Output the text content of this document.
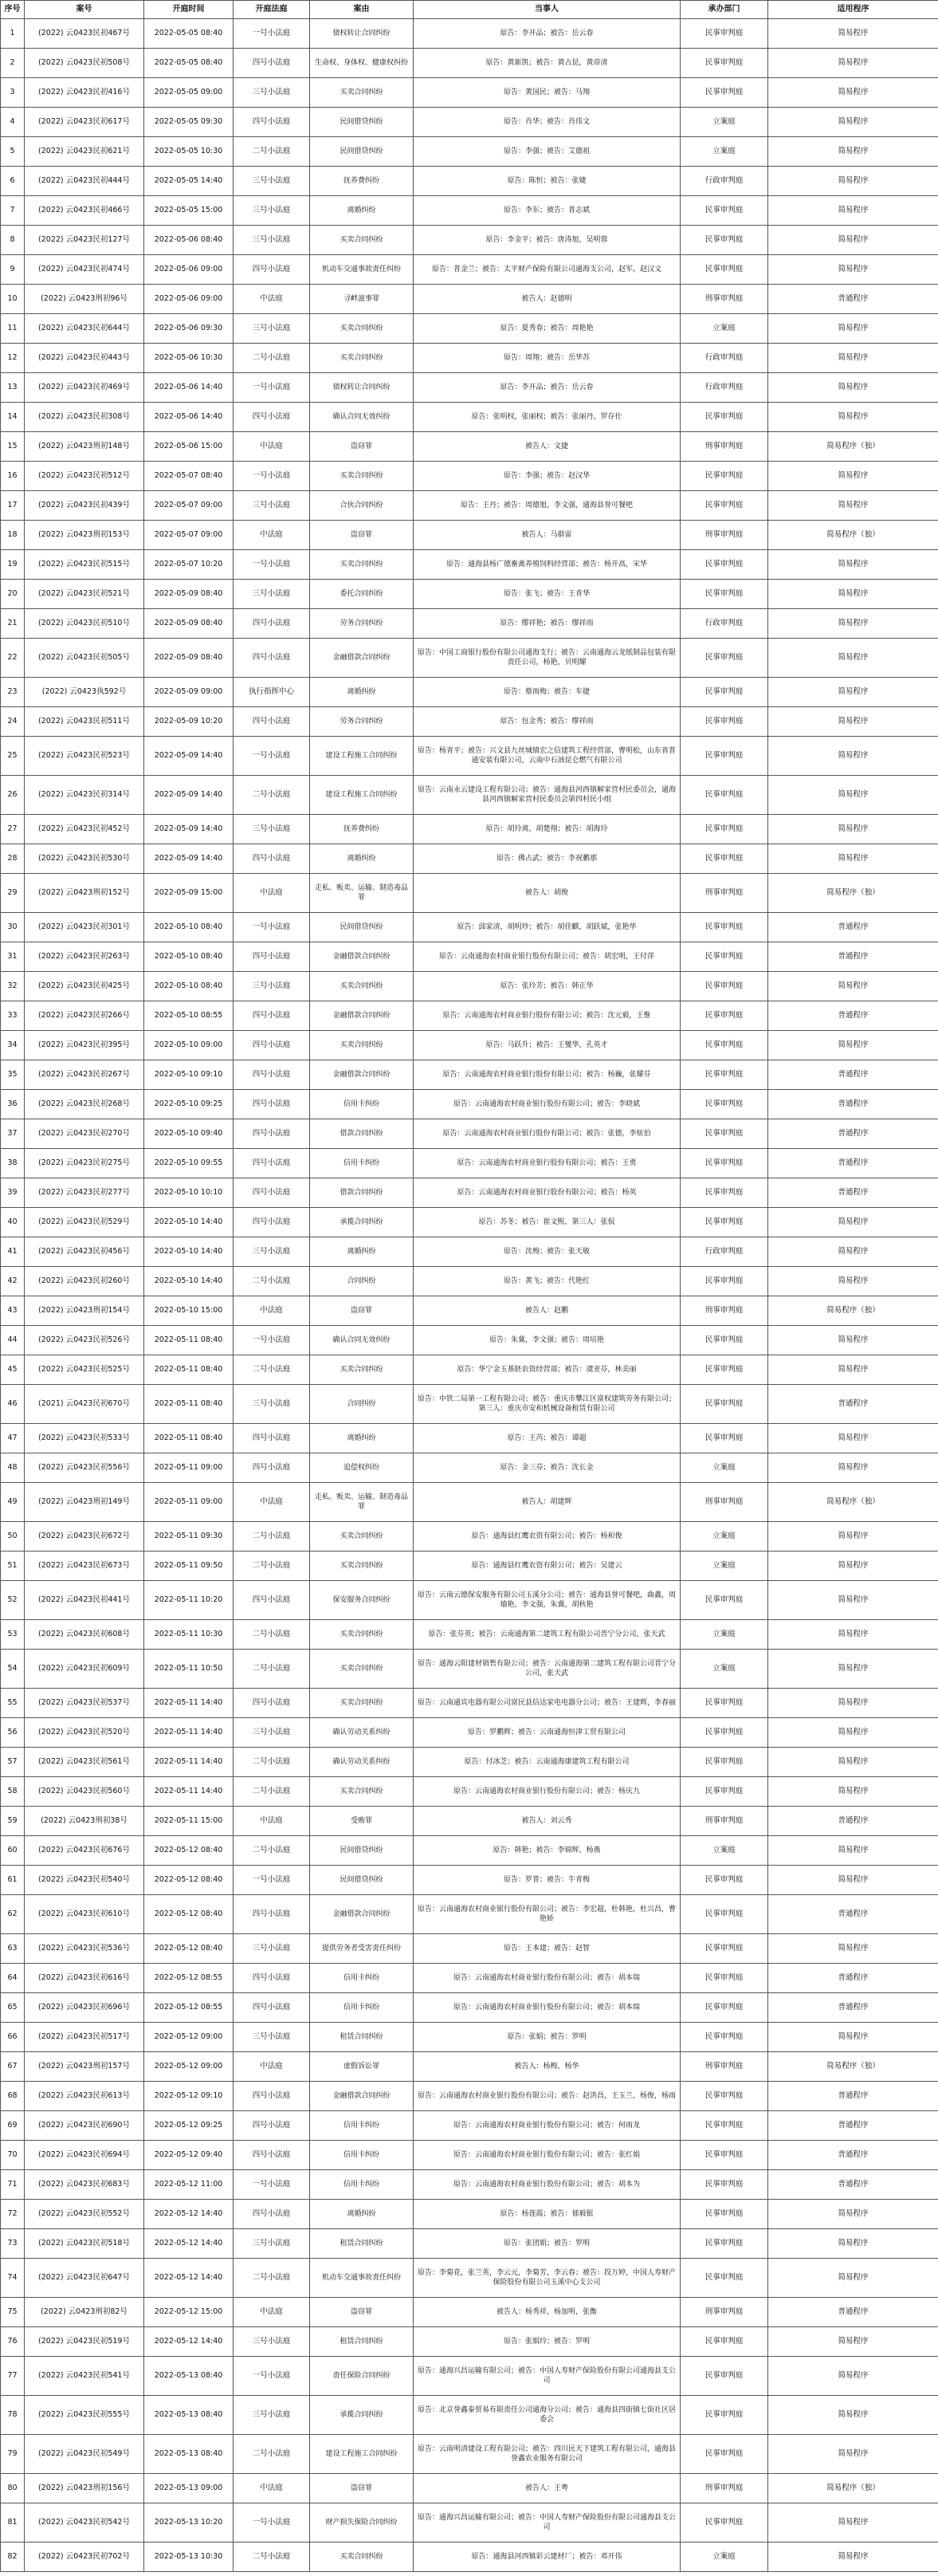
序号	案号	开庭时间	开庭法庭	案由	当事人	承办部门	适用程序
1	(2022) 云0423民初467号	2022-05-05 08:40	一号小法庭	债权转让合同纠纷	原告：李开品；被告：岳云春	民事审判庭	简易程序
2	(2022) 云0423民初508号	2022-05-05 08:40	四号小法庭	生命权、身体权、健康权纠纷	原告：黄新凯；被告：黄占昆，黄帝清	民事审判庭	简易程序
3	(2022) 云0423民初416号	2022-05-05 09:00	三号小法庭	买卖合同纠纷	原告：黄国民；被告：马翔	民事审判庭	简易程序
4	(2022) 云0423民初617号	2022-05-05 09:30	四号小法庭	民间借贷纠纷	原告：肖华；被告：肖伟文	立案庭	简易程序
5	(2022) 云0423民初621号	2022-05-05 10:30	二号小法庭	民间借贷纠纷	原告：李强；被告：艾德祖	立案庭	简易程序
6	(2022) 云0423民初444号	2022-05-05 14:40	三号小法庭	抚养费纠纷	原告：陈恒；被告：张婕	行政审判庭	简易程序
7	(2022) 云0423民初466号	2022-05-05 15:00	三号小法庭	离婚纠纷	原告：李东；被告：普志斌	民事审判庭	简易程序
8	(2022) 云0423民初127号	2022-05-06 08:40	三号小法庭	买卖合同纠纷	原告：李金平；被告：唐涛旭，吴明蓉	民事审判庭	简易程序
9	(2022) 云0423民初474号	2022-05-06 09:00	四号小法庭	机动车交通事故责任纠纷	原告：普金兰；被告：太平财产保险有限公司通海支公司，赵军，赵汉文	民事审判庭	简易程序
10	(2022) 云0423刑初96号	2022-05-06 09:00	中法庭	寻衅滋事罪	被告人：赵德明	刑事审判庭	普通程序
11	(2022) 云0423民初644号	2022-05-06 09:30	三号小法庭	买卖合同纠纷	原告：夏秀春；被告：周艳艳	立案庭	简易程序
12	(2022) 云0423民初443号	2022-05-06 10:30	二号小法庭	买卖合同纠纷	原告：周翔；被告：岳华苏	行政审判庭	简易程序
13	(2022) 云0423民初469号	2022-05-06 14:40	一号小法庭	债权转让合同纠纷	原告：李开品；被告：岳云春	行政审判庭	简易程序
14	(2022) 云0423民初308号	2022-05-06 14:40	四号小法庭	确认合同无效纠纷	原告：张明权，张丽权；被告：张丽丹，罗存仕	民事审判庭	简易程序
15	(2022) 云0423刑初148号	2022-05-06 15:00	中法庭	盗窃罪	被告人：文捷	刑事审判庭	简易程序（独）
16	(2022) 云0423民初512号	2022-05-07 08:40	一号小法庭	买卖合同纠纷	原告：李强；被告：赵汉华	民事审判庭	简易程序
17	(2022) 云0423民初439号	2022-05-07 09:00	三号小法庭	合伙合同纠纷	原告：王丹；被告：周德旭，李文强，通海县誉可餐吧	民事审判庭	简易程序
18	(2022) 云0423刑初153号	2022-05-07 09:00	中法庭	盗窃罪	被告人：马群雷	刑事审判庭	简易程序（独）
19	(2022) 云0423民初515号	2022-05-07 10:20	一号小法庭	买卖合同纠纷	原告：通海县杨广德畜禽养殖饲料经营部；被告：杨开高，宋华	民事审判庭	简易程序
20	(2022) 云0423民初521号	2022-05-09 08:40	三号小法庭	委托合同纠纷	原告：张飞；被告：王青华	民事审判庭	简易程序
21	(2022) 云0423民初510号	2022-05-09 08:40	四号小法庭	劳务合同纠纷	原告：缪祥艳；被告：缪祥雨	行政审判庭	简易程序
22	(2022) 云0423民初505号	2022-05-09 08:40	四号小法庭	金融借款合同纠纷	原告：中国工商银行股份有限公司通海支行；被告：云南通海云龙纸制品包装有限责任公司，杨艳，贝明耀	民事审判庭	简易程序
23	(2022) 云0423执592号	2022-05-09 09:00	执行指挥中心	离婚纠纷	原告：蔡雨梅；被告：车捷	民事审判庭	简易程序
24	(2022) 云0423民初511号	2022-05-09 10:20	四号小法庭	劳务合同纠纷	原告：包金秀；被告：缪祥雨	民事审判庭	简易程序
25	(2022) 云0423民初523号	2022-05-09 14:40	一号小法庭	建设工程施工合同纠纷	原告：杨青平；被告：兴文县九丝城镇宏之信建筑工程经营部，曹明松，山东省普通安装有限公司，云南中石油昆仑燃气有限公司	民事审判庭	简易程序
26	(2022) 云0423民初314号	2022-05-09 14:40	二号小法庭	建设工程施工合同纠纷	原告：云南永云建设工程有限公司；被告：通海县河西镇解家营村民委员会，通海县河西镇解家营村民委员会第四村民小组	民事审判庭	简易程序
27	(2022) 云0423民初452号	2022-05-09 14:40	三号小法庭	抚养费纠纷	原告：胡玲离，胡楚翔；被告：胡海玲	民事审判庭	简易程序
28	(2022) 云0423民初530号	2022-05-09 14:40	四号小法庭	离婚纠纷	原告：佛占武；被告：李祝鹏那	民事审判庭	简易程序
29	(2022) 云0423刑初152号	2022-05-09 15:00	中法庭	走私、贩卖、运输、制造毒品罪	被告人：胡俊	刑事审判庭	简易程序（独）
30	(2022) 云0423民初301号	2022-05-10 08:40	一号小法庭	民间借贷纠纷	原告：邱家清，胡明珍；被告：胡佳麒，胡跃斌，张艳华	民事审判庭	普通程序
31	(2022) 云0423民初263号	2022-05-10 08:40	四号小法庭	金融借款合同纠纷	原告：云南通海农村商业银行股份有限公司；被告：胡宏明，王付萍	民事审判庭	普通程序
32	(2022) 云0423民初425号	2022-05-10 08:40	三号小法庭	买卖合同纠纷	原告：张玲芳；被告：韩正华	民事审判庭	简易程序
33	(2022) 云0423民初266号	2022-05-10 08:55	四号小法庭	金融借款合同纠纷	原告：云南通海农村商业银行股份有限公司；被告：沈元毅，王惟	民事审判庭	普通程序
34	(2022) 云0423民初395号	2022-05-10 09:00	四号小法庭	买卖合同纠纷	原告：马跃升；被告：王燮华，孔英才	民事审判庭	简易程序
35	(2022) 云0423民初267号	2022-05-10 09:10	四号小法庭	金融借款合同纠纷	原告：云南通海农村商业银行股份有限公司；被告：杨巍，张耀芬	民事审判庭	普通程序
36	(2022) 云0423民初268号	2022-05-10 09:25	四号小法庭	信用卡纠纷	原告：云南通海农村商业银行股份有限公司；被告：李晓斌	民事审判庭	普通程序
37	(2022) 云0423民初270号	2022-05-10 09:40	四号小法庭	借款合同纠纷	原告：云南通海农村商业银行股份有限公司；被告：张德，李炫伯	民事审判庭	普通程序
38	(2022) 云0423民初275号	2022-05-10 09:55	四号小法庭	信用卡纠纷	原告：云南通海农村商业银行股份有限公司；被告：王勇	民事审判庭	普通程序
39	(2022) 云0423民初277号	2022-05-10 10:10	四号小法庭	借款合同纠纷	原告：云南通海农村商业银行股份有限公司；被告：杨英	民事审判庭	普通程序
40	(2022) 云0423民初529号	2022-05-10 14:40	四号小法庭	承揽合同纠纷	原告：苏冬；被告：崔文熙，第三人：张侃	民事审判庭	简易程序
41	(2022) 云0423民初456号	2022-05-10 14:40	三号小法庭	离婚纠纷	原告：沈梅；被告：张天敏	行政审判庭	简易程序
42	(2022) 云0423民初260号	2022-05-10 14:40	二号小法庭	合同纠纷	原告：黄飞；被告：代艳红	民事审判庭	简易程序
43	(2022) 云0423刑初154号	2022-05-10 15:00	中法庭	盗窃罪	被告人：赵鹏	刑事审判庭	简易程序（独）
44	(2022) 云0423民初526号	2022-05-11 08:40	一号小法庭	确认合同无效纠纷	原告：朱冀，李文强；被告：周培艳	民事审判庭	简易程序
45	(2022) 云0423民初525号	2022-05-11 08:40	二号小法庭	买卖合同纠纷	原告：华宁金玉基胚农资经营部；被告：虞亚芬，林美丽	民事审判庭	简易程序
46	(2021) 云0423民初670号	2022-05-11 08:40	三号小法庭	合同纠纷	原告：中铁二局第一工程有限公司；被告：重庆市攀江区富权建筑劳务有限公司；第三人：重庆市安和机械设备租赁有限公司	民事审判庭	普通程序
47	(2022) 云0423民初533号	2022-05-11 08:40	四号小法庭	离婚纠纷	原告：王芮；被告：谭超	民事审判庭	简易程序
48	(2022) 云0423民初556号	2022-05-11 09:00	四号小法庭	追偿权纠纷	原告：金三芬；被告：沈长金	立案庭	简易程序
49	(2022) 云0423刑初149号	2022-05-11 09:00	中法庭	走私、贩卖、运输、制造毒品罪	被告人：胡建辉	刑事审判庭	简易程序（独）
50	(2022) 云0423民初672号	2022-05-11 09:30	二号小法庭	买卖合同纠纷	原告：通海县红鹰农资有限公司；被告：杨和俊	立案庭	简易程序
51	(2022) 云0423民初673号	2022-05-11 09:50	二号小法庭	买卖合同纠纷	原告：通海县红鹰农资有限公司；被告：吴建云	立案庭	简易程序
52	(2022) 云0423民初441号	2022-05-11 10:20	四号小法庭	保安服务合同纠纷	原告：云南云德保安服务有限公司玉溪分公司；被告：通海县誉可餐吧，曲鑫，周瑜艳，李文强，朱冀，胡秋艳	民事审判庭	简易程序
53	(2022) 云0423民初608号	2022-05-11 10:30	二号小法庭	买卖合同纠纷	原告：张芬英；被告：云南通海第二建筑工程有限公司晋宁分公司，张天武	立案庭	简易程序
54	(2022) 云0423民初609号	2022-05-11 10:50	二号小法庭	买卖合同纠纷	原告：通海云阳建材销售有限公司；被告：云南通海第二建筑工程有限公司晋宁分公司，张天武	立案庭	简易程序
55	(2022) 云0423民初537号	2022-05-11 14:40	四号小法庭	买卖合同纠纷	原告：云南通宾电器有限公司富民县信达家电电器分公司；被告：王建辉，李春丽	民事审判庭	简易程序
56	(2022) 云0423民初520号	2022-05-11 14:40	三号小法庭	确认劳动关系纠纷	原告：罗鹏辉；被告：云南通海恒津工贸有限公司	民事审判庭	简易程序
57	(2022) 云0423民初561号	2022-05-11 14:40	二号小法庭	确认劳动关系纠纷	原告：付冰芝；被告：云南通海康建筑工程有限公司	民事审判庭	简易程序
58	(2022) 云0423民初560号	2022-05-11 14:40	二号小法庭	买卖合同纠纷	原告：云南通海农村商业银行股份有限公司；被告：杨庆九	民事审判庭	简易程序
59	(2022) 云0423刑初38号	2022-05-11 15:00	中法庭	受贿罪	被告人：刘云秀	刑事审判庭	普通程序
60	(2022) 云0423民初676号	2022-05-12 08:40	二号小法庭	民间借贷纠纷	原告：韩艳；被告：李锦辉，杨燕	立案庭	简易程序
61	(2022) 云0423民初540号	2022-05-12 08:40	一号小法庭	民间借贷纠纷	原告：罗普；被告：牛青梅	民事审判庭	简易程序
62	(2022) 云0423民初610号	2022-05-12 08:40	四号小法庭	金融借款合同纠纷	原告：云南通海农村商业银行股份有限公司；被告：李宏超，杜韩艳，杜兴昌，曹艳娇	民事审判庭	普通程序
63	(2022) 云0423民初536号	2022-05-12 08:40	三号小法庭	提供劳务者受害责任纠纷	原告：王本建；被告：赵智	民事审判庭	简易程序
64	(2022) 云0423民初616号	2022-05-12 08:55	四号小法庭	信用卡纠纷	原告：云南通海农村商业银行股份有限公司；被告：胡本瑞	民事审判庭	普通程序
65	(2022) 云0423民初696号	2022-05-12 08:55	四号小法庭	信用卡纠纷	原告：云南通海农村商业银行股份有限公司；被告：胡本瑞	民事审判庭	普通程序
66	(2022) 云0423民初517号	2022-05-12 09:00	三号小法庭	租赁合同纠纷	原告：张娟；被告：罗明	民事审判庭	简易程序
67	(2022) 云0423刑初157号	2022-05-12 09:00	中法庭	虚假诉讼罪	被告人：杨梅，杨华	刑事审判庭	简易程序（独）
68	(2022) 云0423民初613号	2022-05-12 09:10	四号小法庭	金融借款合同纠纷	原告：云南通海农村商业银行股份有限公司；被告：赵洪昌，王玉兰，杨俊，杨雨	民事审判庭	普通程序
69	(2022) 云0423民初690号	2022-05-12 09:25	四号小法庭	信用卡纠纷	原告：云南通海农村商业银行股份有限公司；被告：何雨龙	民事审判庭	普通程序
70	(2022) 云0423民初694号	2022-05-12 09:40	四号小法庭	信用卡纠纷	原告：云南通海农村商业银行股份有限公司；被告：张红娟	民事审判庭	普通程序
71	(2022) 云0423民初683号	2022-05-12 11:00	一号小法庭	信用卡纠纷	原告：云南通海农村商业银行股份有限公司；被告：胡本为	民事审判庭	普通程序
72	(2022) 云0423民初552号	2022-05-12 14:40	四号小法庭	离婚纠纷	原告：杨莲霞；被告：郁毅银	民事审判庭	简易程序
73	(2022) 云0423民初518号	2022-05-12 14:40	三号小法庭	租赁合同纠纷	原告：张团娟；被告：罗明	民事审判庭	简易程序
74	(2022) 云0423民初647号	2022-05-12 14:40	二号小法庭	机动车交通事故责任纠纷	原告：李菊花，张兰英，李云元，李菊芳，李云春；被告：段万婷，中国人寿财产保险股份有限公司玉溪中心支公司	民事审判庭	简易程序
75	(2022) 云0423刑初82号	2022-05-12 15:00	中法庭	盗窃罪	被告人：杨秀祥，杨加明，张衡	刑事审判庭	普通程序
76	(2022) 云0423民初519号	2022-05-12 14:40	三号小法庭	租赁合同纠纷	原告：张娟玲；被告：罗明	民事审判庭	简易程序
77	(2022) 云0423民初541号	2022-05-13 08:40	一号小法庭	责任保险合同纠纷	原告：通海兴昌运输有限公司；被告：中国人寿财产保险股份有限公司通海县支公司	民事审判庭	简易程序
78	(2022) 云0423民初555号	2022-05-13 08:40	三号小法庭	承揽合同纠纷	原告：北京誉鑫泰贸易有限责任公司通海分公司；被告：通海县四街镇七街社区居委会	民事审判庭	简易程序
79	(2022) 云0423民初549号	2022-05-13 08:40	二号小法庭	建设工程施工合同纠纷	原告：云南明清建设工程有限公司；被告：四川民天下建筑工程有限公司，通海县誉鑫农业服务有限公司	民事审判庭	简易程序
80	(2022) 云0423刑初156号	2022-05-13 09:00	中法庭	盗窃罪	被告人：王粤	刑事审判庭	简易程序（独）
81	(2022) 云0423民初542号	2022-05-13 10:20	一号小法庭	财产损失保险合同纠纷	原告：通海兴昌运输有限公司；被告：中国人寿财产保险股份有限公司通海县支公司	民事审判庭	简易程序
82	(2022) 云0423民初702号	2022-05-13 10:30	二号小法庭	买卖合同纠纷	原告：通海县河西镇彩云建材厂；被告：邓开伟	立案庭	简易程序
